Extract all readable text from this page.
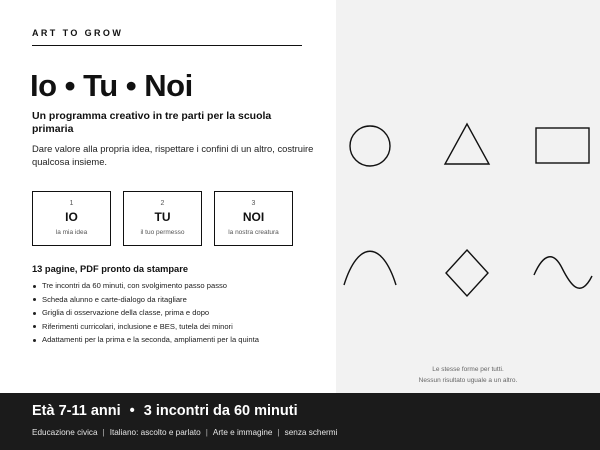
ART TO GROW
Io • Tu • Noi
Un programma creativo in tre parti per la scuola primaria
Dare valore alla propria idea, rispettare i confini di un altro, costruire qualcosa insieme.
1
IO
la mia idea
2
TU
il tuo permesso
3
NOI
la nostra creatura
13 pagine, PDF pronto da stampare
Tre incontri da 60 minuti, con svolgimento passo passo
Scheda alunno e carte-dialogo da ritagliare
Griglia di osservazione della classe, prima e dopo
Riferimenti curricolari, inclusione e BES, tutela dei minori
Adattamenti per la prima e la seconda, ampliamenti per la quinta
Le stesse forme per tutti.
Nessun risultato uguale a un altro.
Età 7-11 anni • 3 incontri da 60 minuti
Educazione civica | Italiano: ascolto e parlato | Arte e immagine | senza schermi
